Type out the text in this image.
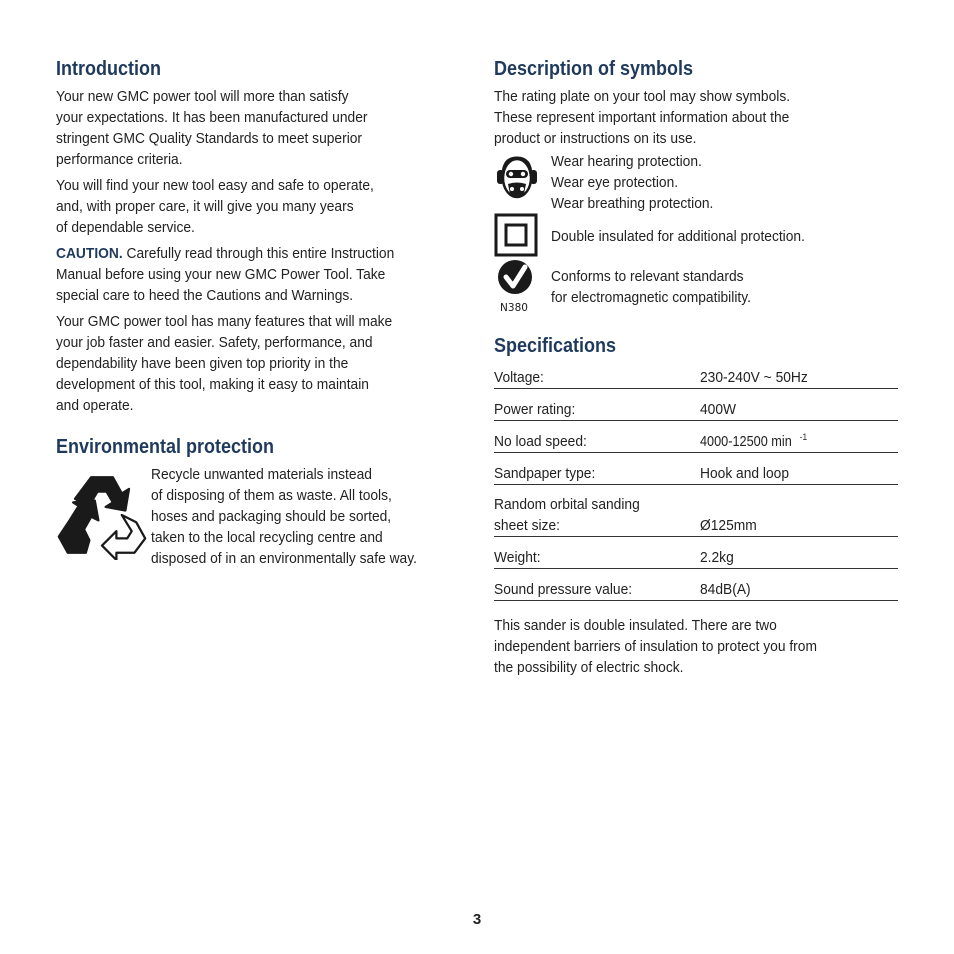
Introduction

Your new GMC power tool will more than satisfy

your expectations. It has been manufactured under

stringent GMC Quality Standards to meet superior

performance criteria.

You will find your new tool easy and safe to operate,

and, with proper care, it will give you many years

of dependable service.

CAUTION. Carefully read through this entire Instruction

Manual before using your new GMC Power Tool. Take

special care to heed the Cautions and Warnings.

Your GMC power tool has many features that will make

your job faster and easier. Safety, performance, and

dependability have been given top priority in the

development of this tool, making it easy to maintain

and operate.

Environmental protection

Recycle unwanted materials instead

of disposing of them as waste. All tools,

hoses and packaging should be sorted,

taken to the local recycling centre and

disposed of in an environmentally safe way.

Description of symbols

The rating plate on your tool may show symbols.

These represent important information about the

product or instructions on its use.

Wear hearing protection.

Wear eye protection.

Wear breathing protection.

Double insulated for additional protection.

N380

Conforms to relevant standards

for electromagnetic compatibility.

Specifications
Voltage:	230-240V ~ 50Hz
Power rating:	400W
No load speed:	4000-12500 min $^{-1}$
Sandpaper type:	Hook and loop

Random orbital sanding
sheet size:	Ø125mm
Weight:	2.2kg
Sound pressure value:	84dB(A)

This sander is double insulated. There are two

independent barriers of insulation to protect you from

the possibility of electric shock.

3
